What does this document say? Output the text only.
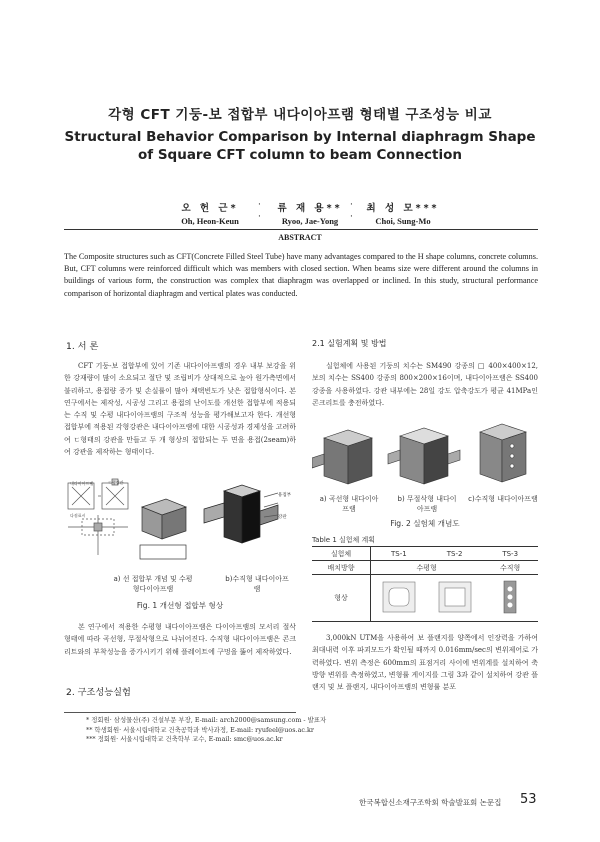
각형 CFT 기둥-보 접합부 내다이아프램 형태별 구조성능 비교
Structural Behavior Comparison by Internal diaphragm Shape of Square CFT column to beam Connection
오 헌 근*
Oh, Heon-Keun
·
·
류 재 용**
Ryoo, Jae-Yong
·
·
최 성 모***
Choi, Sung-Mo
ABSTRACT
The Composite structures such as CFT(Concrete Filled Steel Tube) have many advantages compared to the H shape columns, concrete columns. But, CFT columns were reinforced difficult which was members with closed section. When beams size were different around the columns in buildings of various form, the construction was complex that diaphragm was overlapped or inclined. In this study, structural performance comparison of horizontal diaphragm and vertical plates was conducted.
1. 서 론
CFT 기둥-보 접합부에 있어 기존 내다이아프램의 경우 내부 보강을 위한 강재량이 많이 소요되고 절단 및 조립비가 상대적으로 높아 원가측면에서 불리하고, 용접량 증가 및 손실률이 많아 채택빈도가 낮은 접합형식이다. 본 연구에서는 제작성, 시공성 그리고 용접의 난이도를 개선한 접합부에 적용되는 수직 및 수평 내다이아프램의 구조적 성능을 평가해보고자 한다. 개선형 접합부에 적용된 각형강관은 내다이아프램에 대한 시공성과 경제성을 고려하여 ㄷ형태의 강관을 만들고 두 개 형상의 접합되는 두 면을 용접(2seam)하여 강관을 제작하는 형태이다.
내다이아프램	ㄷ형강관
다점표시
용접부
강관
a) 선 접합부 개념 및 수평형다이아프램
b)수직형 내다이아프램
Fig. 1 개선형 접합부 형상
본 연구에서 적용한 수평형 내다이아프램은 다이아프램의 모서리 절삭형태에 따라 곡선형, 무절삭형으로 나뉘어진다. 수직형 내다이아프램은 콘크리트와의 부착성능을 증가시키기 위해 플레이트에 구멍을 뚫어 제작하였다.
2. 구조성능실험
* 정회원· 삼성물산(주) 건설부문 부장, E-mail: arch2000@samsung.com - 발표자
** 학생회원· 서울시립대학교 건축공학과 박사과정, E-mail: ryufeel@uos.ac.kr
*** 정회원· 서울시립대학교 건축학부 교수, E-mail: smc@uos.ac.kr
2.1 실험계획 및 방법
실험체에 사용된 기둥의 치수는 SM490 강종의 □ 400×400×12, 보의 치수는 SS400 강종의 800×200×16이며, 내다이아프램은 SS400 강종을 사용하였다. 강관 내부에는 28일 강도 압축강도가 평균 41MPa인 콘크리트를 충전하였다.
a) 곡선형 내다이아프램
b) 무절삭형 내다이아프램
c)수직형 내다이아프램
Fig. 2 실험체 개념도
Table 1 실험체 계획
실험체	TS-1	TS-2	TS-3
배치방향	수평형		수직형
형상			
3,000kN UTM을 사용하여 보 플랜지를 양쪽에서 인장력을 가하여 최대내력 이후 파괴모드가 확인될 때까지 0.016mm/sec의 변위제어로 가력하였다. 변위 측정은 600mm의 표점거리 사이에 변위계를 설치하여 축방향 변위를 측정하였고, 변형률 게이지를 그림 3과 같이 설치하여 강관 플랜지 및 보 플랜지, 내다이아프램의 변형률 분포
한국복합신소재구조학회 학술발표회 논문집 53
